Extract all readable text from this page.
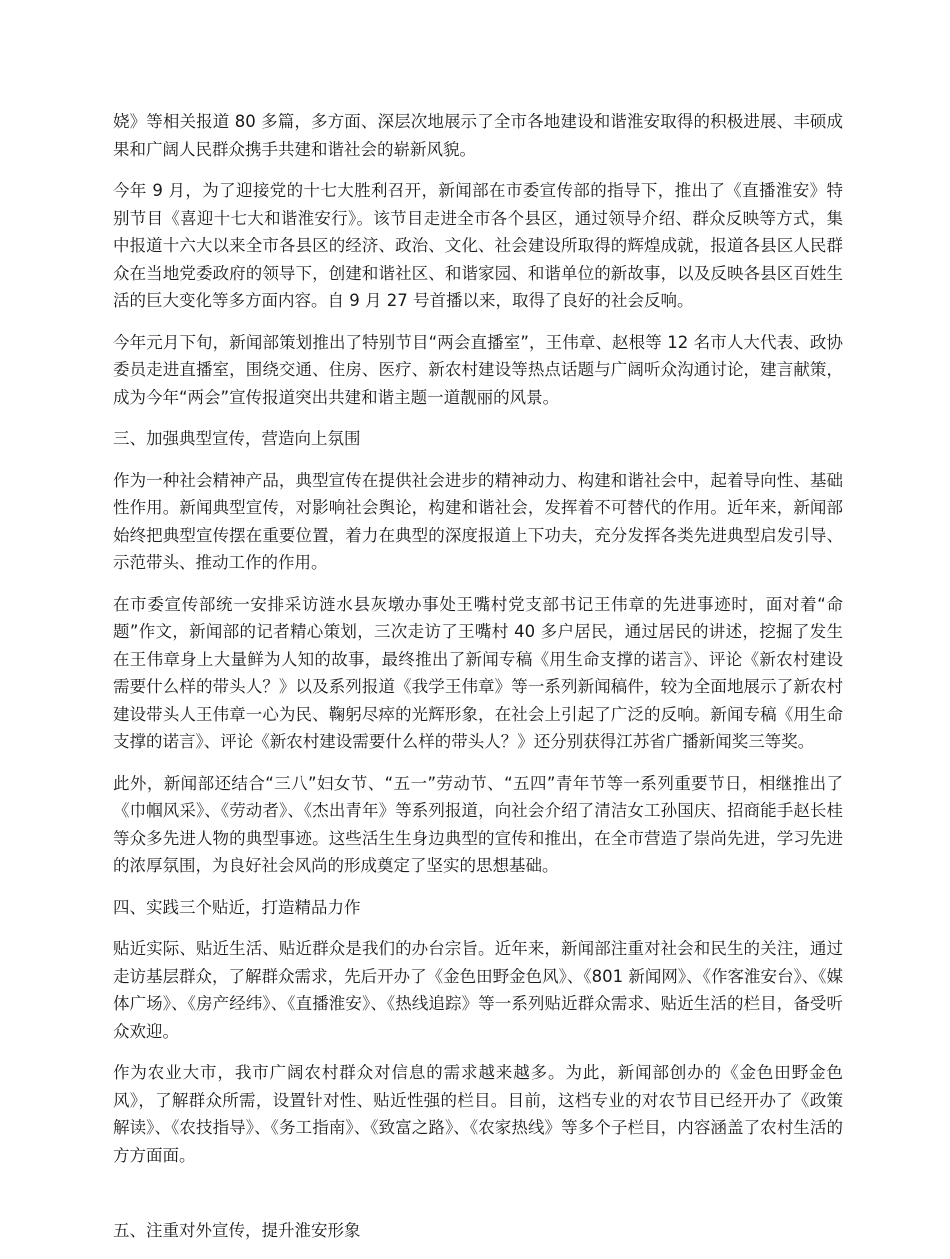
娆》等相关报道 80 多篇，多方面、深层次地展示了全市各地建设和谐淮安取得的积极进展、丰硕成果和广阔人民群众携手共建和谐社会的崭新风貌。

今年 9 月，为了迎接党的十七大胜利召开，新闻部在市委宣传部的指导下，推出了《直播淮安》特别节目《喜迎十七大和谐淮安行》。该节目走进全市各个县区，通过领导介绍、群众反映等方式，集中报道十六大以来全市各县区的经济、政治、文化、社会建设所取得的辉煌成就，报道各县区人民群众在当地党委政府的领导下，创建和谐社区、和谐家园、和谐单位的新故事，以及反映各县区百姓生活的巨大变化等多方面内容。自 9 月 27 号首播以来，取得了良好的社会反响。

今年元月下旬，新闻部策划推出了特别节目“两会直播室”，王伟章、赵根等 12 名市人大代表、政协委员走进直播室，围绕交通、住房、医疗、新农村建设等热点话题与广阔听众沟通讨论，建言献策，成为今年“两会”宣传报道突出共建和谐主题一道靓丽的风景。

三、加强典型宣传，营造向上氛围

作为一种社会精神产品，典型宣传在提供社会进步的精神动力、构建和谐社会中，起着导向性、基础性作用。新闻典型宣传，对影响社会舆论，构建和谐社会，发挥着不可替代的作用。近年来，新闻部始终把典型宣传摆在重要位置，着力在典型的深度报道上下功夫，充分发挥各类先进典型启发引导、示范带头、推动工作的作用。

在市委宣传部统一安排采访涟水县灰墩办事处王嘴村党支部书记王伟章的先进事迹时，面对着“命题”作文，新闻部的记者精心策划，三次走访了王嘴村 40 多户居民，通过居民的讲述，挖掘了发生在王伟章身上大量鲜为人知的故事，最终推出了新闻专稿《用生命支撑的诺言》、评论《新农村建设需要什么样的带头人？》以及系列报道《我学王伟章》等一系列新闻稿件，较为全面地展示了新农村建设带头人王伟章一心为民、鞠躬尽瘁的光辉形象，在社会上引起了广泛的反响。新闻专稿《用生命支撑的诺言》、评论《新农村建设需要什么样的带头人？》还分别获得江苏省广播新闻奖三等奖。

此外，新闻部还结合“三八”妇女节、“五一”劳动节、“五四”青年节等一系列重要节日，相继推出了《巾帼风采》、《劳动者》、《杰出青年》等系列报道，向社会介绍了清洁女工孙国庆、招商能手赵长桂等众多先进人物的典型事迹。这些活生生身边典型的宣传和推出，在全市营造了崇尚先进，学习先进的浓厚氛围，为良好社会风尚的形成奠定了坚实的思想基础。

四、实践三个贴近，打造精品力作

贴近实际、贴近生活、贴近群众是我们的办台宗旨。近年来，新闻部注重对社会和民生的关注，通过走访基层群众，了解群众需求，先后开办了《金色田野金色风》、《801 新闻网》、《作客淮安台》、《媒体广场》、《房产经纬》、《直播淮安》、《热线追踪》等一系列贴近群众需求、贴近生活的栏目，备受听众欢迎。

作为农业大市，我市广阔农村群众对信息的需求越来越多。为此，新闻部创办的《金色田野金色风》，了解群众所需，设置针对性、贴近性强的栏目。目前，这档专业的对农节目已经开办了《政策解读》、《农技指导》、《务工指南》、《致富之路》、《农家热线》等多个子栏目，内容涵盖了农村生活的方方面面。

五、注重对外宣传，提升淮安形象
